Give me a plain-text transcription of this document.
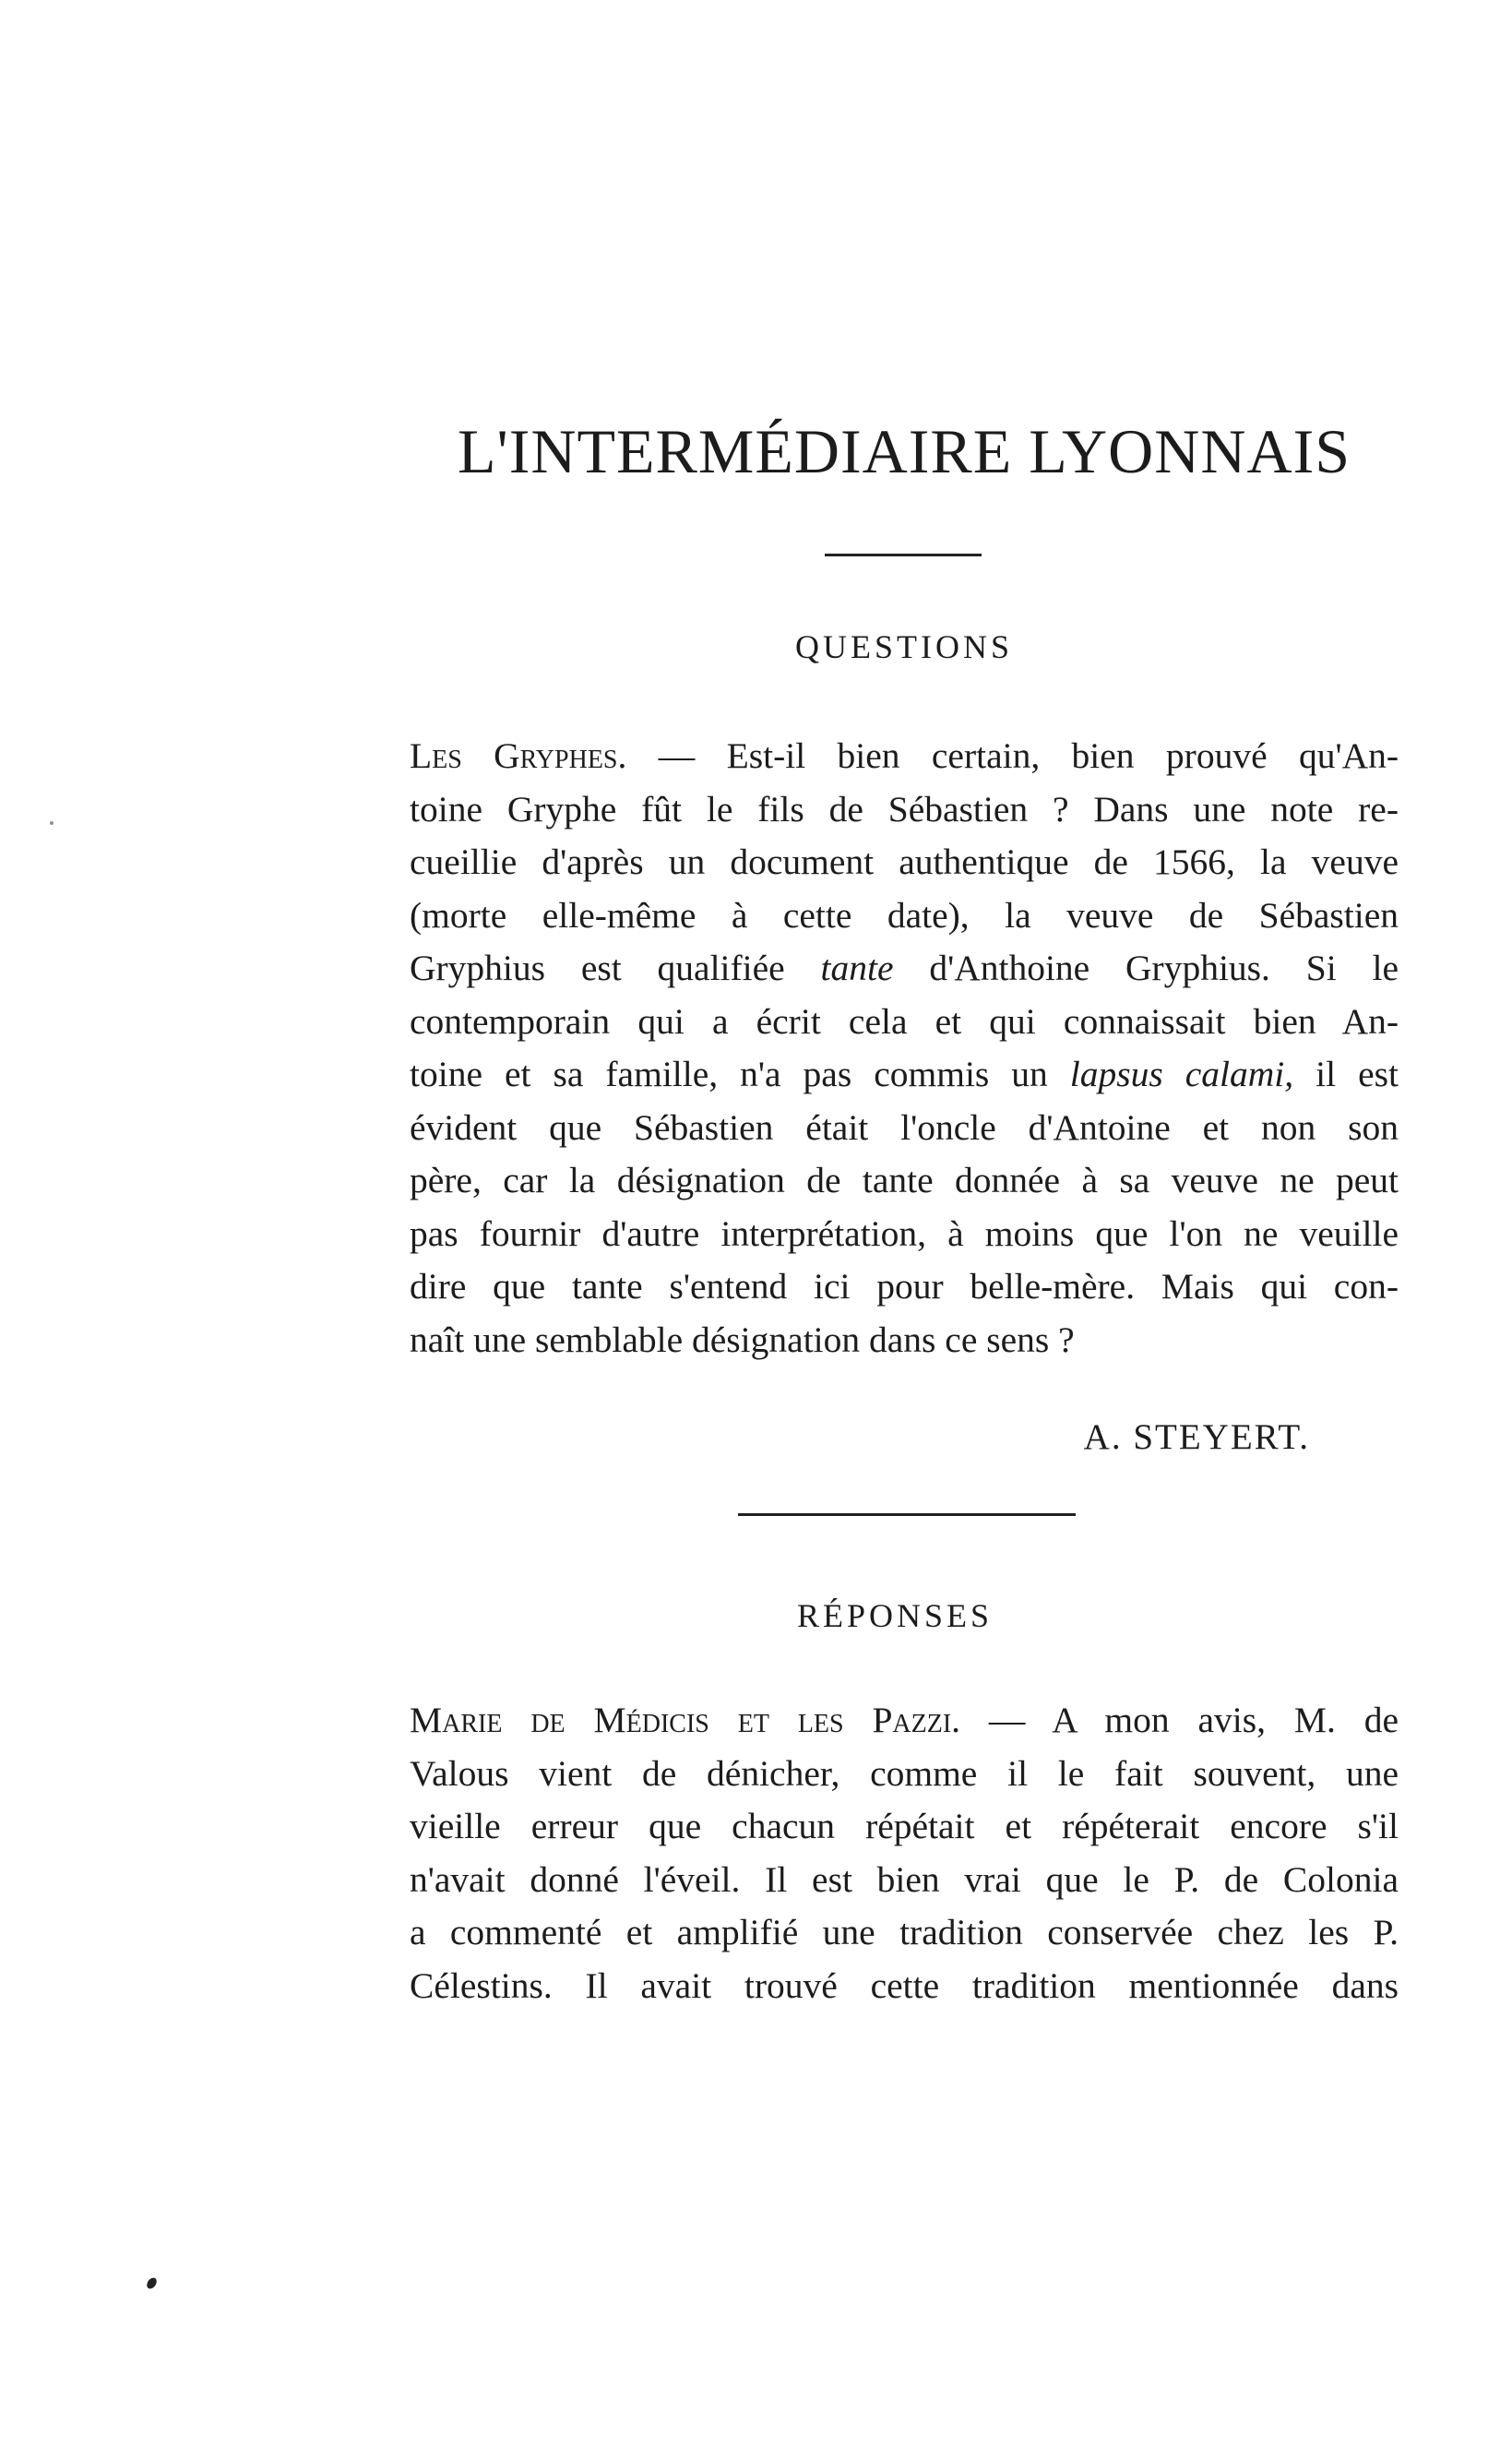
L'INTERMÉDIAIRE LYONNAIS
QUESTIONS
Les Gryphes. — Est-il bien certain, bien prouvé qu'An-
toine Gryphe fût le fils de Sébastien ? Dans une note re-
cueillie d'après un document authentique de 1566, la veuve
(morte elle-même à cette date), la veuve de Sébastien
Gryphius est qualifiée tante d'Anthoine Gryphius. Si le
contemporain qui a écrit cela et qui connaissait bien An-
toine et sa famille, n'a pas commis un lapsus calami, il est
évident que Sébastien était l'oncle d'Antoine et non son
père, car la désignation de tante donnée à sa veuve ne peut
pas fournir d'autre interprétation, à moins que l'on ne veuille
dire que tante s'entend ici pour belle-mère. Mais qui con-
naît une semblable désignation dans ce sens ?

A. STEYERT.

RÉPONSES
Marie de Médicis et les Pazzi. — A mon avis, M. de
Valous vient de dénicher, comme il le fait souvent, une
vieille erreur que chacun répétait et répéterait encore s'il
n'avait donné l'éveil. Il est bien vrai que le P. de Colonia
a commenté et amplifié une tradition conservée chez les P.
Célestins. Il avait trouvé cette tradition mentionnée dans
